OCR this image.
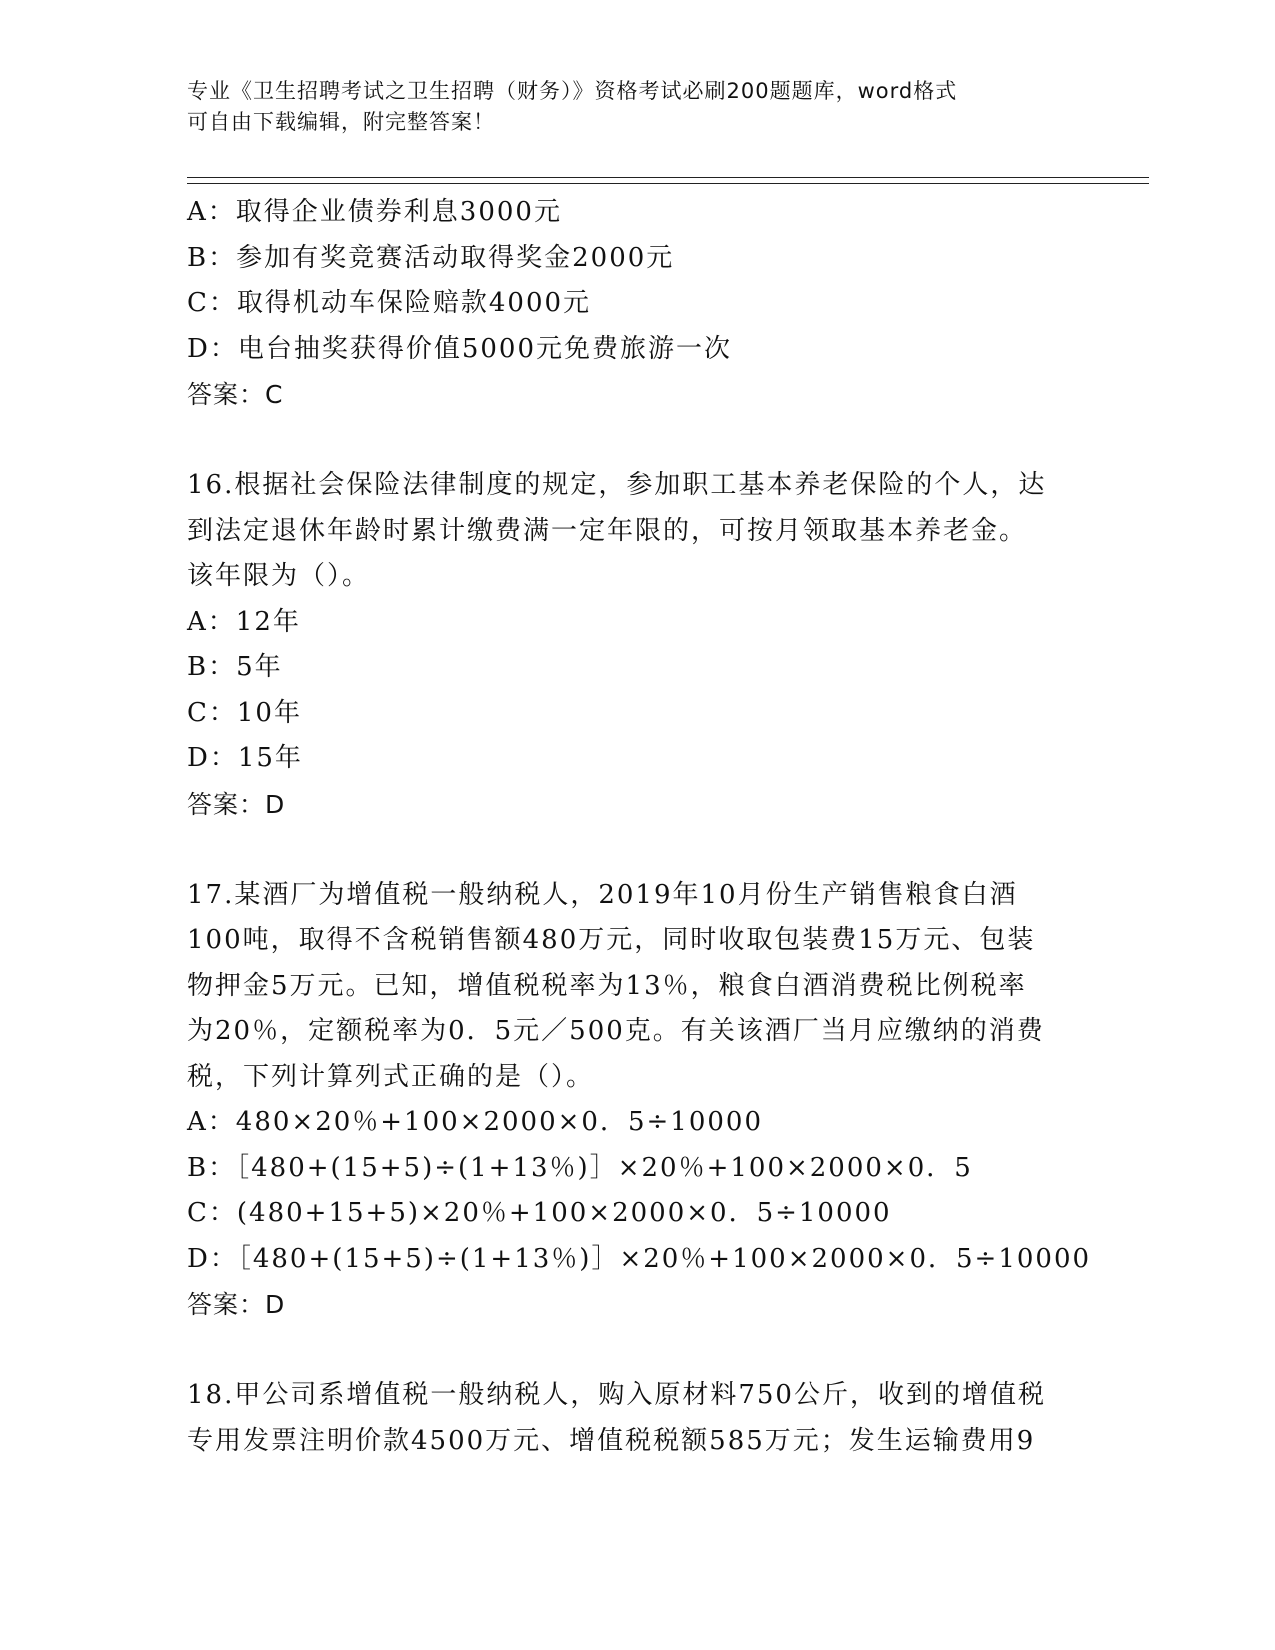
专业《卫生招聘考试之卫生招聘（财务）》资格考试必刷200题题库，word格式
可自由下载编辑，附完整答案！
A：取得企业债券利息3000元
B：参加有奖竞赛活动取得奖金2000元
C：取得机动车保险赔款4000元
D：电台抽奖获得价值5000元免费旅游一次
答案：C
16.根据社会保险法律制度的规定，参加职工基本养老保险的个人，达
到法定退休年龄时累计缴费满一定年限的，可按月领取基本养老金。
该年限为（）。
A：12年
B：5年
C：10年
D：15年
答案：D
17.某酒厂为增值税一般纳税人，2019年10月份生产销售粮食白酒
100吨，取得不含税销售额480万元，同时收取包装费15万元、包装
物押金5万元。已知，增值税税率为13％，粮食白酒消费税比例税率
为20％，定额税率为0．5元／500克。有关该酒厂当月应缴纳的消费
税，下列计算列式正确的是（）。
A：480×20％+100×2000×0．5÷10000
B：［480+(15+5)÷(1+13％)］×20％+100×2000×0．5
C：(480+15+5)×20％+100×2000×0．5÷10000
D：［480+(15+5)÷(1+13％)］×20％+100×2000×0．5÷10000
答案：D
18.甲公司系增值税一般纳税人，购入原材料750公斤，收到的增值税
专用发票注明价款4500万元、增值税税额585万元；发生运输费用9
